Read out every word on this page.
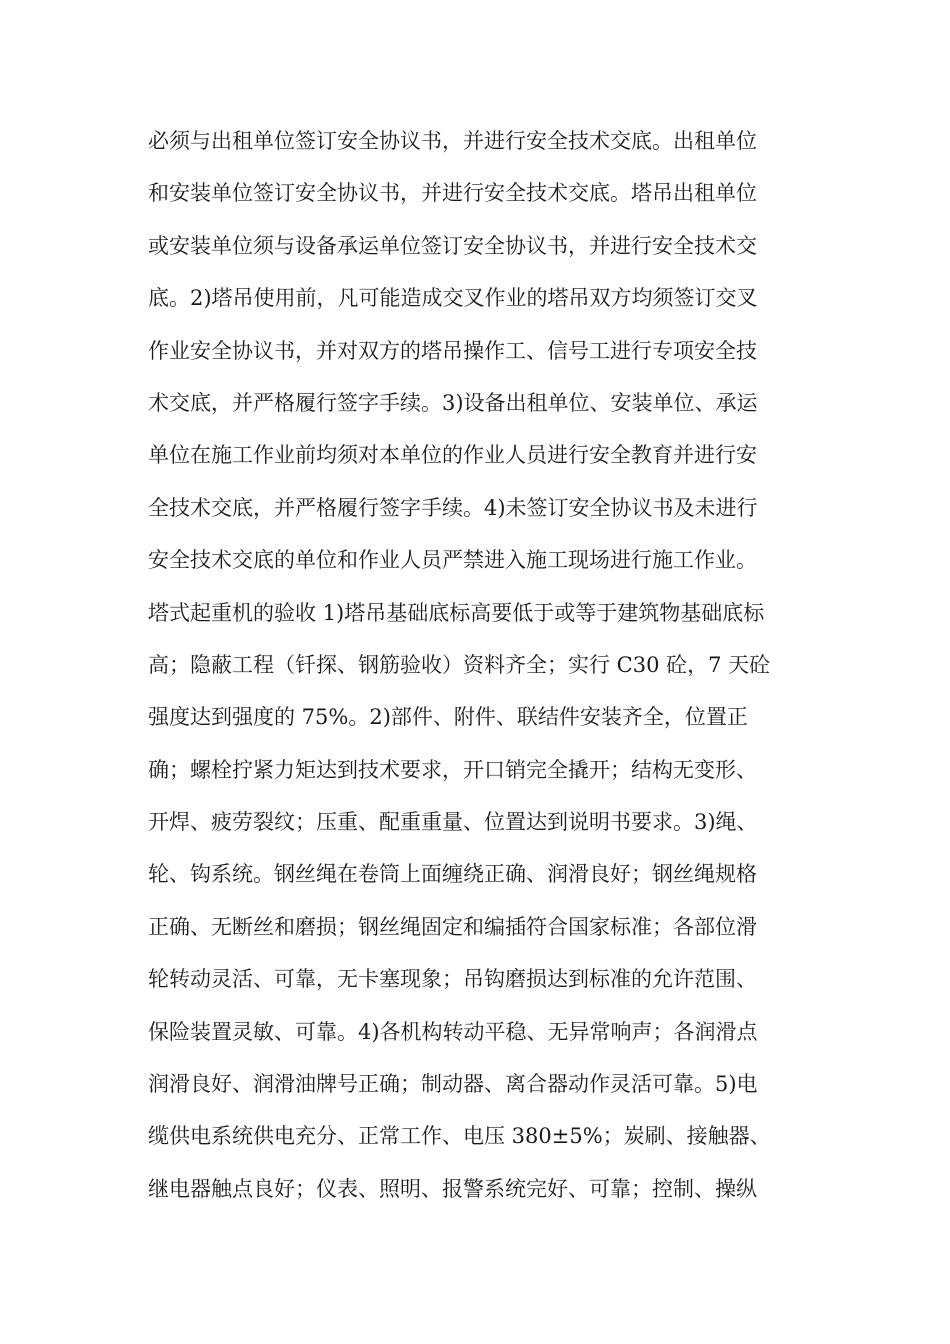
必须与出租单位签订安全协议书，并进行安全技术交底。出租单位
和安装单位签订安全协议书，并进行安全技术交底。塔吊出租单位
或安装单位须与设备承运单位签订安全协议书，并进行安全技术交
底。2)塔吊使用前，凡可能造成交叉作业的塔吊双方均须签订交叉
作业安全协议书，并对双方的塔吊操作工、信号工进行专项安全技
术交底，并严格履行签字手续。3)设备出租单位、安装单位、承运
单位在施工作业前均须对本单位的作业人员进行安全教育并进行安
全技术交底，并严格履行签字手续。4)未签订安全协议书及未进行
安全技术交底的单位和作业人员严禁进入施工现场进行施工作业。
塔式起重机的验收 1)塔吊基础底标高要低于或等于建筑物基础底标
高；隐蔽工程（钎探、钢筋验收）资料齐全；实行 C30 砼，7 天砼
强度达到强度的 75%。2)部件、附件、联结件安装齐全，位置正
确；螺栓拧紧力矩达到技术要求，开口销完全撬开；结构无变形、
开焊、疲劳裂纹；压重、配重重量、位置达到说明书要求。3)绳、
轮、钩系统。钢丝绳在卷筒上面缠绕正确、润滑良好；钢丝绳规格
正确、无断丝和磨损；钢丝绳固定和编插符合国家标准；各部位滑
轮转动灵活、可靠，无卡塞现象；吊钩磨损达到标准的允许范围、
保险装置灵敏、可靠。4)各机构转动平稳、无异常响声；各润滑点
润滑良好、润滑油牌号正确；制动器、离合器动作灵活可靠。5)电
缆供电系统供电充分、正常工作、电压 380±5%；炭刷、接触器、
继电器触点良好；仪表、照明、报警系统完好、可靠；控制、操纵
